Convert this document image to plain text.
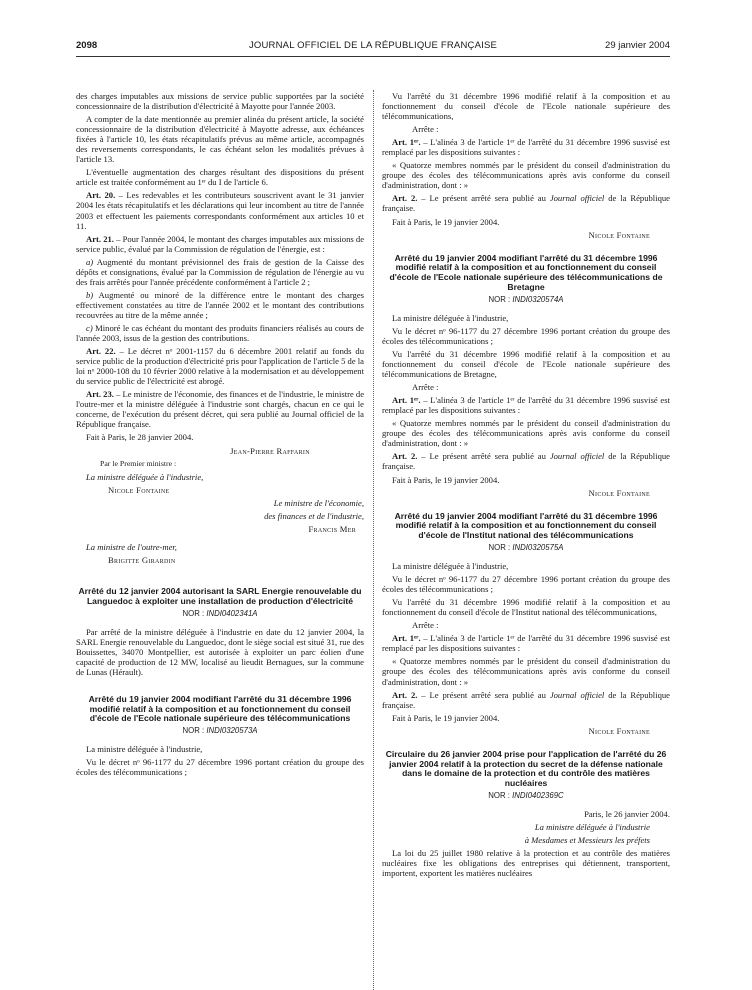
2098	JOURNAL OFFICIEL DE LA RÉPUBLIQUE FRANÇAISE	29 janvier 2004

des charges imputables aux missions de service public supportées par la société concessionnaire de la distribution d'électricité à Mayotte pour l'année 2003.

A compter de la date mentionnée au premier alinéa du présent article, la société concessionnaire de la distribution d'électricité à Mayotte adresse, aux échéances fixées à l'article 10, les états récapitulatifs prévus au même article, accompagnés des reversements correspondants, le cas échéant selon les modalités prévues à l'article 13.

L'éventuelle augmentation des charges résultant des dispositions du présent article est traitée conformément au 1ᵉʳ du I de l'article 6.

Art. 20. – Les redevables et les contributeurs souscrivent avant le 31 janvier 2004 les états récapitulatifs et les déclarations qui leur incombent au titre de l'année 2003 et effectuent les paiements correspondants conformément aux articles 10 et 11.

Art. 21. – Pour l'année 2004, le montant des charges imputables aux missions de service public, évalué par la Commission de régulation de l'énergie, est :

a) Augmenté du montant prévisionnel des frais de gestion de la Caisse des dépôts et consignations, évalué par la Commission de régulation de l'énergie au vu des frais arrêtés pour l'année précédente conformément à l'article 2 ;

b) Augmenté ou minoré de la différence entre le montant des charges effectivement constatées au titre de l'année 2002 et le montant des contributions recouvrées au titre de la même année ;

c) Minoré le cas échéant du montant des produits financiers réalisés au cours de l'année 2003, issus de la gestion des contributions.

Art. 22. – Le décret nᵒ 2001-1157 du 6 décembre 2001 relatif au fonds du service public de la production d'électricité pris pour l'application de l'article 5 de la loi nᵒ 2000-108 du 10 février 2000 relative à la modernisation et au développement du service public de l'électricité est abrogé.

Art. 23. – Le ministre de l'économie, des finances et de l'industrie, le ministre de l'outre-mer et la ministre déléguée à l'industrie sont chargés, chacun en ce qui le concerne, de l'exécution du présent décret, qui sera publié au Journal officiel de la République française.

Fait à Paris, le 28 janvier 2004.

Jean-Pierre Raffarin

Par le Premier ministre :

La ministre déléguée à l'industrie,

Nicole Fontaine

Le ministre de l'économie,

des finances et de l'industrie,

Francis Mer

La ministre de l'outre-mer,

Brigitte Girardin

Arrêté du 12 janvier 2004 autorisant la SARL Energie renouvelable du Languedoc à exploiter une installation de production d'électricité
NOR : INDI0402341A

Par arrêté de la ministre déléguée à l'industrie en date du 12 janvier 2004, la SARL Energie renouvelable du Languedoc, dont le siège social est situé 31, rue des Bouissettes, 34070 Montpellier, est autorisée à exploiter un parc éolien d'une capacité de production de 12 MW, localisé au lieudit Bernagues, sur la commune de Lunas (Hérault).

Arrêté du 19 janvier 2004 modifiant l'arrêté du 31 décembre 1996 modifié relatif à la composition et au fonctionnement du conseil d'école de l'Ecole nationale supérieure des télécommunications
NOR : INDI0320573A

La ministre déléguée à l'industrie,

Vu le décret nᵒ 96-1177 du 27 décembre 1996 portant création du groupe des écoles des télécommunications ;

Vu l'arrêté du 31 décembre 1996 modifié relatif à la composition et au fonctionnement du conseil d'école de l'Ecole nationale supérieure des télécommunications,

Arrête :

Art. 1ᵉʳ. – L'alinéa 3 de l'article 1ᵉʳ de l'arrêté du 31 décembre 1996 susvisé est remplacé par les dispositions suivantes :

« Quatorze membres nommés par le président du conseil d'administration du groupe des écoles des télécommunications après avis conforme du conseil d'administration, dont : »

Art. 2. – Le présent arrêté sera publié au Journal officiel de la République française.

Fait à Paris, le 19 janvier 2004.

Nicole Fontaine

Arrêté du 19 janvier 2004 modifiant l'arrêté du 31 décembre 1996 modifié relatif à la composition et au fonctionnement du conseil d'école de l'Ecole nationale supérieure des télécommunications de Bretagne
NOR : INDI0320574A

La ministre déléguée à l'industrie,

Vu le décret nᵒ 96-1177 du 27 décembre 1996 portant création du groupe des écoles des télécommunications ;

Vu l'arrêté du 31 décembre 1996 modifié relatif à la composition et au fonctionnement du conseil d'école de l'Ecole nationale supérieure des télécommunications de Bretagne,

Arrête :

Art. 1ᵉʳ. – L'alinéa 3 de l'article 1ᵉʳ de l'arrêté du 31 décembre 1996 susvisé est remplacé par les dispositions suivantes :

« Quatorze membres nommés par le président du conseil d'administration du groupe des écoles des télécommunications après avis conforme du conseil d'administration, dont : »

Art. 2. – Le présent arrêté sera publié au Journal officiel de la République française.

Fait à Paris, le 19 janvier 2004.

Nicole Fontaine

Arrêté du 19 janvier 2004 modifiant l'arrêté du 31 décembre 1996 modifié relatif à la composition et au fonctionnement du conseil d'école de l'Institut national des télécommunications
NOR : INDI0320575A

La ministre déléguée à l'industrie,

Vu le décret nᵒ 96-1177 du 27 décembre 1996 portant création du groupe des écoles des télécommunications ;

Vu l'arrêté du 31 décembre 1996 modifié relatif à la composition et au fonctionnement du conseil d'école de l'Institut national des télécommunications,

Arrête :

Art. 1ᵉʳ. – L'alinéa 3 de l'article 1ᵉʳ de l'arrêté du 31 décembre 1996 susvisé est remplacé par les dispositions suivantes :

« Quatorze membres nommés par le président du conseil d'administration du groupe des écoles des télécommunications après avis conforme du conseil d'administration, dont : »

Art. 2. – Le présent arrêté sera publié au Journal officiel de la République française.

Fait à Paris, le 19 janvier 2004.

Nicole Fontaine

Circulaire du 26 janvier 2004 prise pour l'application de l'arrêté du 26 janvier 2004 relatif à la protection du secret de la défense nationale dans le domaine de la protection et du contrôle des matières nucléaires
NOR : INDI0402369C

Paris, le 26 janvier 2004.

La ministre déléguée à l'industrie

à Mesdames et Messieurs les préfets

La loi du 25 juillet 1980 relative à la protection et au contrôle des matières nucléaires fixe les obligations des entreprises qui détiennent, transportent, importent, exportent les matières nucléaires
